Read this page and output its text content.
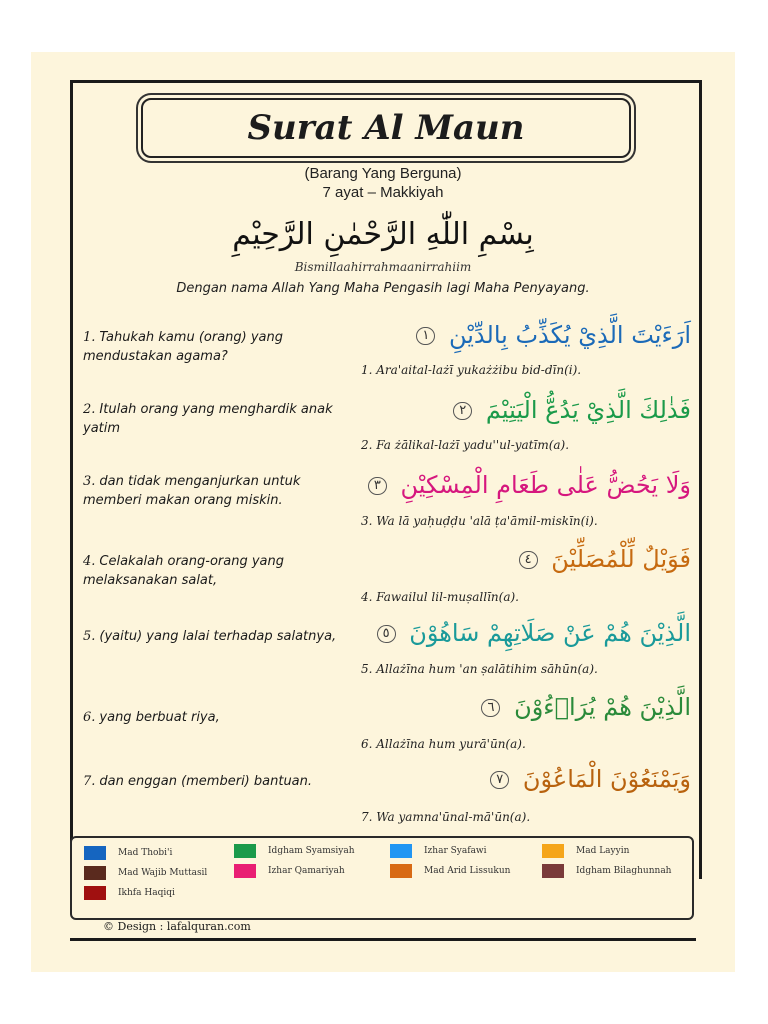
Surat Al Maun
(Barang Yang Berguna)
7 ayat – Makkiyah
بِسْمِ اللّٰهِ الرَّحْمٰنِ الرَّحِيْمِ
Bismillaahirrahmaanirrahiim
Dengan nama Allah Yang Maha Pengasih lagi Maha Penyayang.
1. Tahukah kamu (orang) yang mendustakan agama?
اَرَءَيْتَ الَّذِيْ يُكَذِّبُ بِالدِّيْنِ ١
1. Ara'aital-lażī yukażżibu bid-dīn(i).
2. Itulah orang yang menghardik anak yatim
فَذٰلِكَ الَّذِيْ يَدُعُّ الْيَتِيْمَ ٢
2. Fa żālikal-lażī yadu''ul-yatīm(a).
3. dan tidak menganjurkan untuk memberi makan orang miskin.
وَلَا يَحُضُّ عَلٰى طَعَامِ الْمِسْكِيْنِ ٣
3. Wa lā yaḥuḍḍu 'alā ṭa'āmil-miskīn(i).
4. Celakalah orang-orang yang melaksanakan salat,
فَوَيْلٌ لِّلْمُصَلِّيْنَ ٤
4. Fawailul lil-muṣallīn(a).
5. (yaitu) yang lalai terhadap salatnya,	الَّذِيْنَ هُمْ عَنْ صَلَاتِهِمْ سَاهُوْنَ ٥
5. Allażīna hum 'an ṣalātihim sāhūn(a).
6. yang berbuat riya,	الَّذِيْنَ هُمْ يُرَاۤءُوْنَ ٦
6. Allażīna hum yurā'ūn(a).
7. dan enggan (memberi) bantuan.	وَيَمْنَعُوْنَ الْمَاعُوْنَ ٧
7. Wa yamna'ūnal-mā'ūn(a).
Mad Thobi'i	Idgham Syamsiyah	Izhar Syafawi	Mad Layyin
Mad Wajib Muttasil	Izhar Qamariyah	Mad Arid Lissukun	Idgham Bilaghunnah
Ikhfa Haqiqi
© Design : lafalquran.com
